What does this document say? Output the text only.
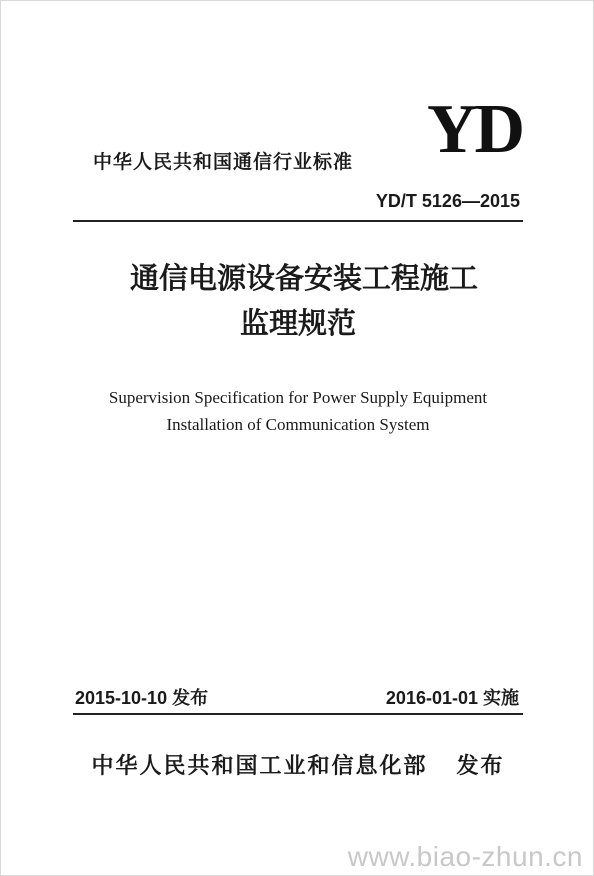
YD
中华人民共和国通信行业标准
YD/T 5126—2015
通信电源设备安装工程施工
监理规范
Supervision Specification for Power Supply Equipment
Installation of Communication System
2015-10-10 发布	2016-01-01 实施
中华人民共和国工业和信息化部   发布
www.biao-zhun.cn
